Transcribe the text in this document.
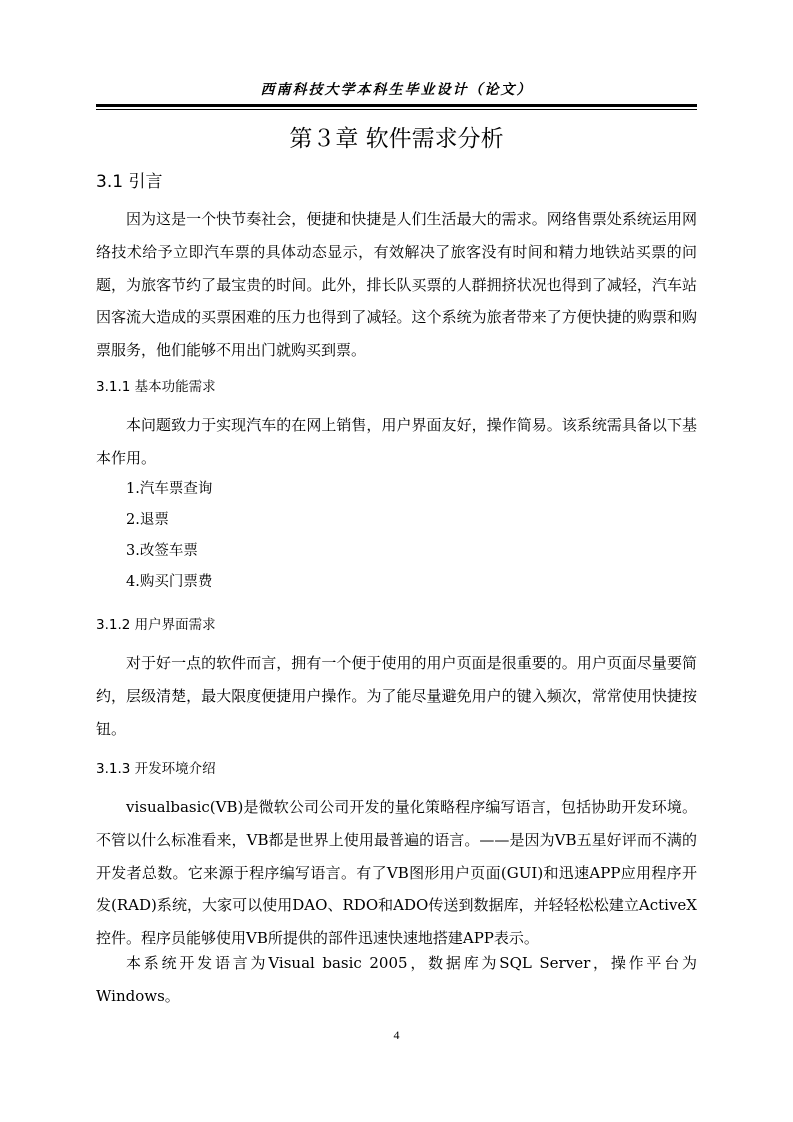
西南科技大学本科生毕业设计（论文）
第３章 软件需求分析
3.1 引言
因为这是一个快节奏社会，便捷和快捷是人们生活最大的需求。网络售票处系统运用网络技术给予立即汽车票的具体动态显示，有效解决了旅客没有时间和精力地铁站买票的问题，为旅客节约了最宝贵的时间。此外，排长队买票的人群拥挤状况也得到了减轻，汽车站因客流大造成的买票困难的压力也得到了减轻。这个系统为旅者带来了方便快捷的购票和购票服务，他们能够不用出门就购买到票。
3.1.1 基本功能需求
本问题致力于实现汽车的在网上销售，用户界面友好，操作简易。该系统需具备以下基本作用。
1.汽车票查询
2.退票
3.改签车票
4.购买门票费
3.1.2 用户界面需求
对于好一点的软件而言，拥有一个便于使用的用户页面是很重要的。用户页面尽量要简约，层级清楚，最大限度便捷用户操作。为了能尽量避免用户的键入频次，常常使用快捷按钮。
3.1.3 开发环境介绍
visualbasic(VB)是微软公司公司开发的量化策略程序编写语言，包括协助开发环境。不管以什么标准看来，VB都是世界上使用最普遍的语言。——是因为VB五星好评而不满的开发者总数。它来源于程序编写语言。有了VB图形用户页面(GUI)和迅速APP应用程序开发(RAD)系统，大家可以使用DAO、RDO和ADO传送到数据库，并轻轻松松建立ActiveX控件。程序员能够使用VB所提供的部件迅速快速地搭建APP表示。
本系统开发语言为Visual basic 2005，数据库为SQL Server，操作平台为Windows。
4
